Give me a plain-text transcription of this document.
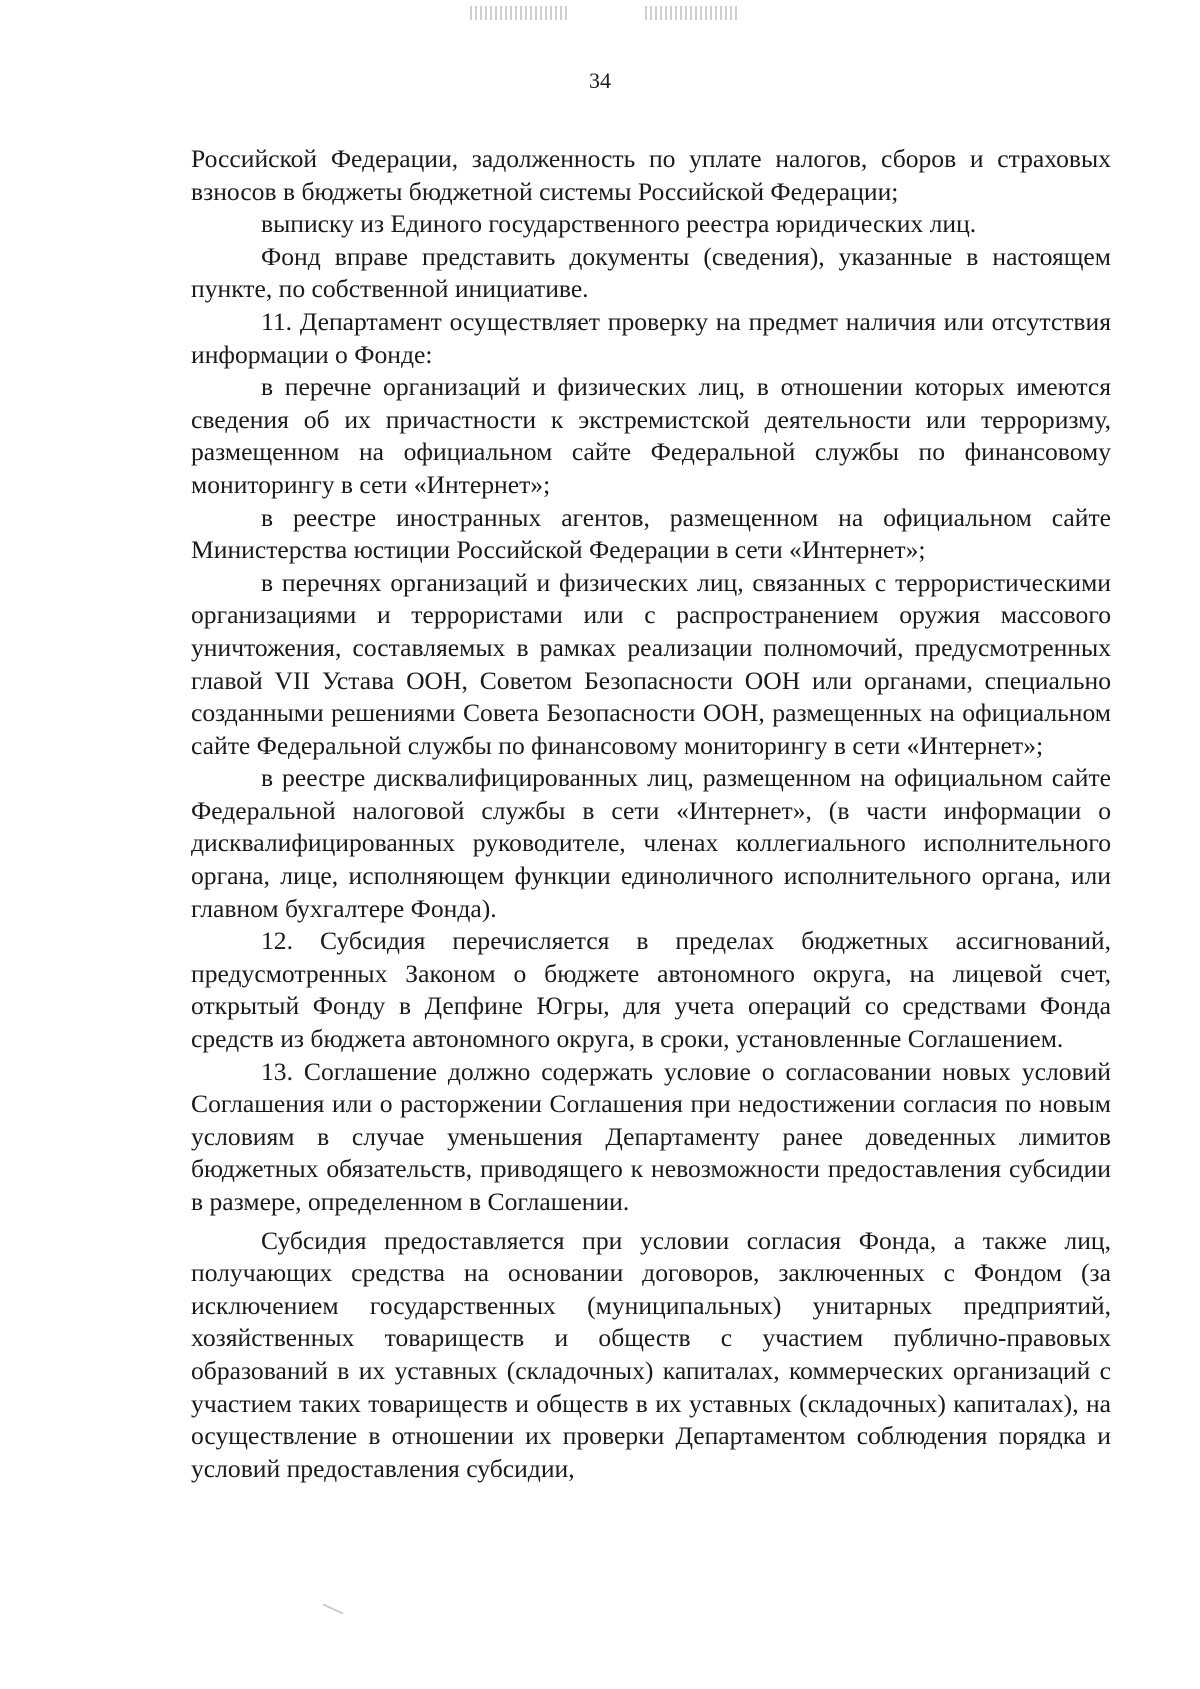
34

Российской Федерации, задолженность по уплате налогов, сборов и страховых взносов в бюджеты бюджетной системы Российской Федерации;

выписку из Единого государственного реестра юридических лиц.

Фонд вправе представить документы (сведения), указанные в настоящем пункте, по собственной инициативе.

11. Департамент осуществляет проверку на предмет наличия или отсутствия информации о Фонде:

в перечне организаций и физических лиц, в отношении которых имеются сведения об их причастности к экстремистской деятельности или терроризму, размещенном на официальном сайте Федеральной службы по финансовому мониторингу в сети «Интернет»;

в реестре иностранных агентов, размещенном на официальном сайте Министерства юстиции Российской Федерации в сети «Интернет»;

в перечнях организаций и физических лиц, связанных с террористическими организациями и террористами или с распространением оружия массового уничтожения, составляемых в рамках реализации полномочий, предусмотренных главой VII Устава ООН, Советом Безопасности ООН или органами, специально созданными решениями Совета Безопасности ООН, размещенных на официальном сайте Федеральной службы по финансовому мониторингу в сети «Интернет»;

в реестре дисквалифицированных лиц, размещенном на официальном сайте Федеральной налоговой службы в сети «Интернет», (в части информации о дисквалифицированных руководителе, членах коллегиального исполнительного органа, лице, исполняющем функции единоличного исполнительного органа, или главном бухгалтере Фонда).

12. Субсидия перечисляется в пределах бюджетных ассигнований, предусмотренных Законом о бюджете автономного округа, на лицевой счет, открытый Фонду в Депфине Югры, для учета операций со средствами Фонда средств из бюджета автономного округа, в сроки, установленные Соглашением.

13. Соглашение должно содержать условие о согласовании новых условий Соглашения или о расторжении Соглашения при недостижении согласия по новым условиям в случае уменьшения Департаменту ранее доведенных лимитов бюджетных обязательств, приводящего к невозможности предоставления субсидии в размере, определенном в Соглашении.

Субсидия предоставляется при условии согласия Фонда, а также лиц, получающих средства на основании договоров, заключенных с Фондом (за исключением государственных (муниципальных) унитарных предприятий, хозяйственных товариществ и обществ с участием публично-правовых образований в их уставных (складочных) капиталах, коммерческих организаций с участием таких товариществ и обществ в их уставных (складочных) капиталах), на осуществление в отношении их проверки Департаментом соблюдения порядка и условий предоставления субсидии,
